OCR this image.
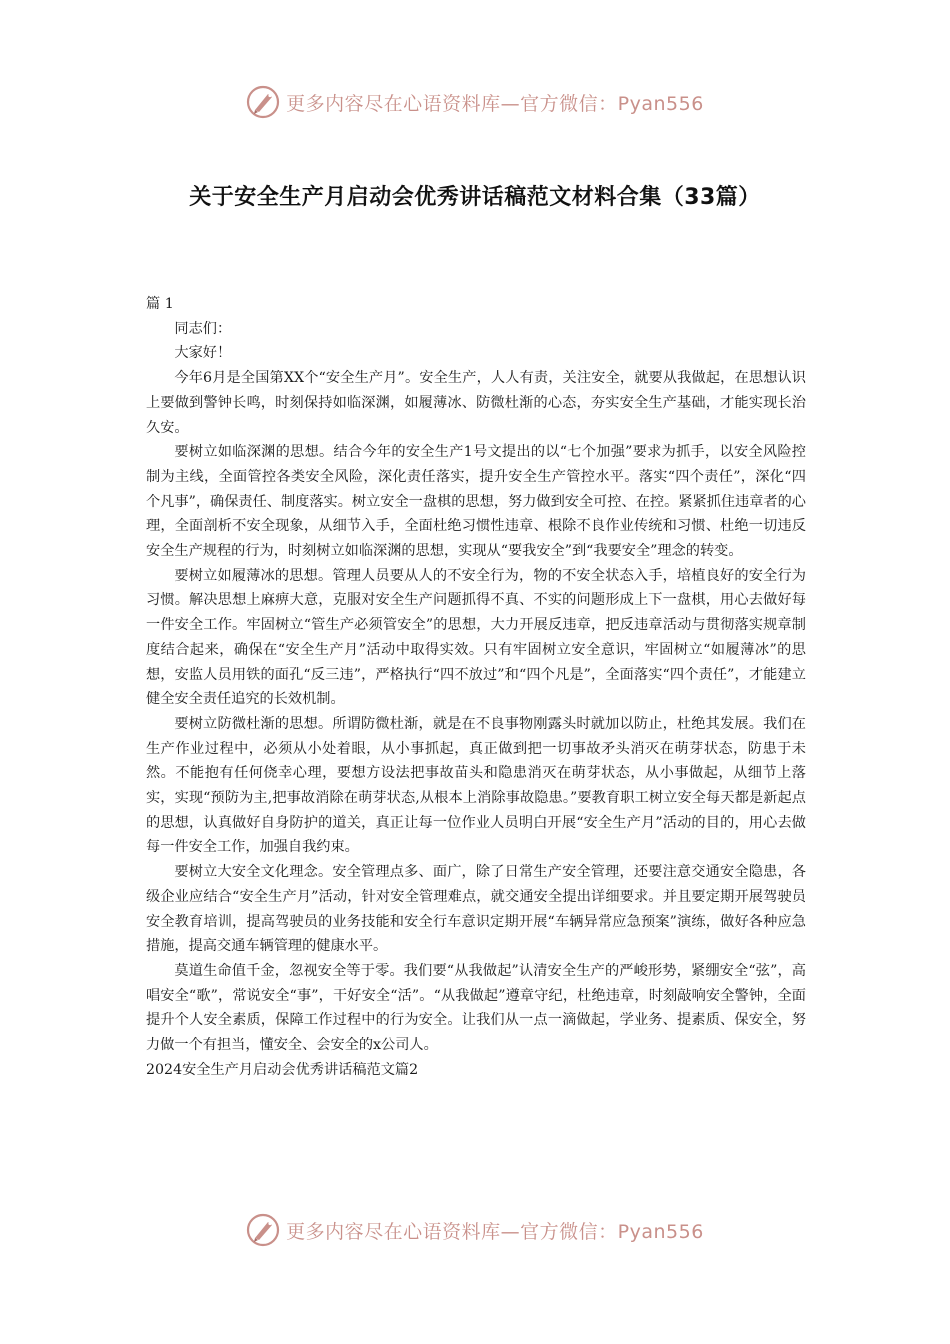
更多内容尽在心语资料库—官方微信：Pyan556
关于安全生产月启动会优秀讲话稿范文材料合集（33篇）

篇 1

同志们：

大家好！

今年6月是全国第XX个“安全生产月”。安全生产，人人有责，关注安全，就要从我做起，在思想认识上要做到警钟长鸣，时刻保持如临深渊，如履薄冰、防微杜渐的心态，夯实安全生产基础，才能实现长治久安。

要树立如临深渊的思想。结合今年的安全生产1号文提出的以“七个加强”要求为抓手，以安全风险控制为主线，全面管控各类安全风险，深化责任落实，提升安全生产管控水平。落实“四个责任”，深化“四个凡事”，确保责任、制度落实。树立安全一盘棋的思想，努力做到安全可控、在控。紧紧抓住违章者的心理，全面剖析不安全现象，从细节入手，全面杜绝习惯性违章、根除不良作业传统和习惯、杜绝一切违反安全生产规程的行为，时刻树立如临深渊的思想，实现从“要我安全”到“我要安全”理念的转变。

要树立如履薄冰的思想。管理人员要从人的不安全行为，物的不安全状态入手，培植良好的安全行为习惯。解决思想上麻痹大意，克服对安全生产问题抓得不真、不实的问题形成上下一盘棋，用心去做好每一件安全工作。牢固树立“管生产必须管安全”的思想，大力开展反违章，把反违章活动与贯彻落实规章制度结合起来，确保在“安全生产月”活动中取得实效。只有牢固树立安全意识，牢固树立“如履薄冰”的思想，安监人员用铁的面孔“反三违”，严格执行“四不放过”和“四个凡是”，全面落实“四个责任”，才能建立健全安全责任追究的长效机制。

要树立防微杜渐的思想。所谓防微杜渐，就是在不良事物刚露头时就加以防止，杜绝其发展。我们在生产作业过程中，必须从小处着眼，从小事抓起，真正做到把一切事故矛头消灭在萌芽状态，防患于未然。不能抱有任何侥幸心理，要想方设法把事故苗头和隐患消灭在萌芽状态，从小事做起，从细节上落实，实现“预防为主,把事故消除在萌芽状态,从根本上消除事故隐患。”要教育职工树立安全每天都是新起点的思想，认真做好自身防护的道关，真正让每一位作业人员明白开展“安全生产月”活动的目的，用心去做每一件安全工作，加强自我约束。

要树立大安全文化理念。安全管理点多、面广，除了日常生产安全管理，还要注意交通安全隐患，各级企业应结合“安全生产月”活动，针对安全管理难点，就交通安全提出详细要求。并且要定期开展驾驶员安全教育培训，提高驾驶员的业务技能和安全行车意识定期开展“车辆异常应急预案”演练，做好各种应急措施，提高交通车辆管理的健康水平。

莫道生命值千金，忽视安全等于零。我们要“从我做起”认清安全生产的严峻形势，紧绷安全“弦”，高唱安全“歌”，常说安全“事”，干好安全“活”。“从我做起”遵章守纪，杜绝违章，时刻敲响安全警钟，全面提升个人安全素质，保障工作过程中的行为安全。让我们从一点一滴做起，学业务、提素质、保安全，努力做一个有担当，懂安全、会安全的x公司人。

2024安全生产月启动会优秀讲话稿范文篇2

更多内容尽在心语资料库—官方微信：Pyan556
